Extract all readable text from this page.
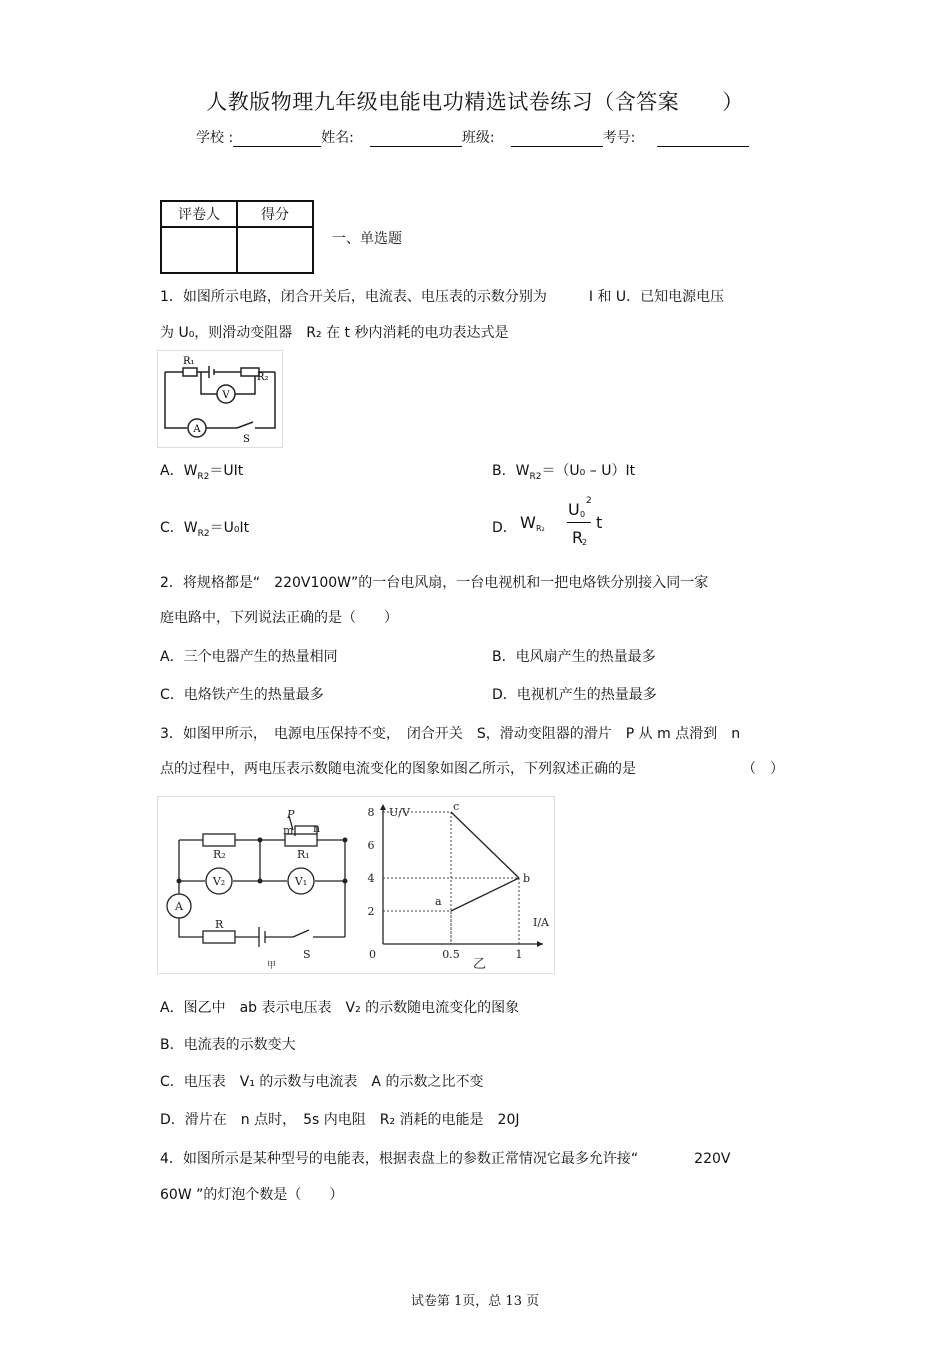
人教版物理九年级电能电功精选试卷练习（含答案　　）
学校 :	姓名:	班级:	考号:
评卷人	得分

一、单选题
1．如图所示电路，闭合开关后，电流表、电压表的示数分别为　　　I 和 U．已知电源电压
为 U₀，则滑动变阻器　R₂ 在 t 秒内消耗的电功表达式是
A
V
R₁
R₂
S
A．$W_{R2}=UIt$	B．$W_{R2}=(U_0 - U)It$
C．$W_{R2}=U_0It$	D． W R₂
U 0
2
R
2
t
2．将规格都是“　220V100W”的一台电风扇，一台电视机和一把电烙铁分别接入同一家
庭电路中，下列说法正确的是（　　）
A．三个电器产生的热量相同	B．电风扇产生的热量最多
C．电烙铁产生的热量最多	D．电视机产生的热量最多
3．如图甲所示，　电源电压保持不变，　闭合开关　S，滑动变阻器的滑片　P 从 m 点滑到　n
点的过程中，两电压表示数随电流变化的图象如图乙所示，下列叙述正确的是	（　）
R₂	R₁
V₂	V₁
A
R
S
甲
P
m n
U/V
I/A
0	0.5	1
2
4
6
8
a
b
c
乙
A．图乙中　ab 表示电压表　V₂ 的示数随电流变化的图象
B．电流表的示数变大
C．电压表　V₁ 的示数与电流表　A 的示数之比不变
D．滑片在　n 点时，　5s 内电阻　R₂ 消耗的电能是　20J
4．如图所示是某种型号的电能表，根据表盘上的参数正常情况它最多允许接“　　　　220V
60W ”的灯泡个数是（　　）
试卷第 1页，总 13 页
